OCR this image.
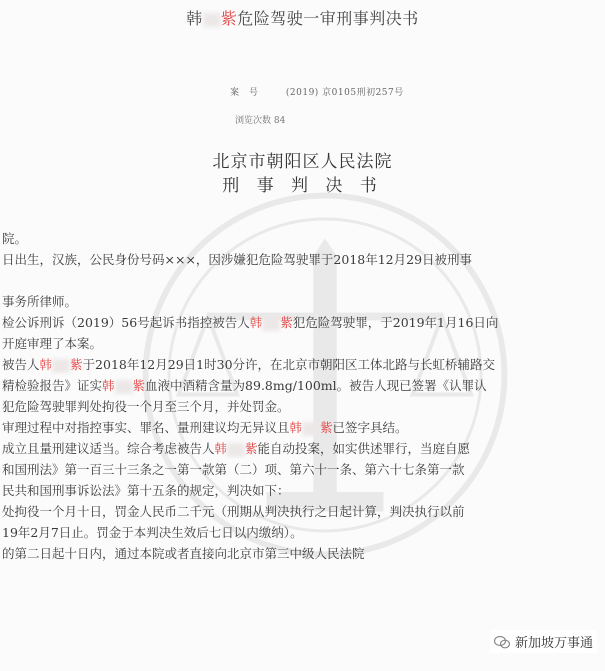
韩 紫危险驾驶一审刑事判决书
案　号	(2019) 京0105刑初257号
浏览次数 84
北京市朝阳区人民法院
刑 事 判 决 书
院。
日出生，汉族，公民身份号码×××，因涉嫌犯危险驾驶罪于2018年12月29日被刑事
事务所律师。
检公诉刑诉（2019）56号起诉书指控被告人韩 紫犯危险驾驶罪，于2019年1月16日向
开庭审理了本案。
被告人韩 紫于2018年12月29日1时30分许，在北京市朝阳区工体北路与长虹桥辅路交
精检验报告》证实韩 紫血液中酒精含量为89.8mg/100ml。被告人现已签署《认罪认
犯危险驾驶罪判处拘役一个月至三个月，并处罚金。
审理过程中对指控事实、罪名、量刑建议均无异议且韩 紫已签字具结。
成立且量刑建议适当。综合考虑被告人韩 紫能自动投案，如实供述罪行，当庭自愿
和国刑法》第一百三十三条之一第一款第（二）项、第六十一条、第六十七条第一款
民共和国刑事诉讼法》第十五条的规定，判决如下：
处拘役一个月十日，罚金人民币二千元（刑期从判决执行之日起计算，判决执行以前
19年2月7日止。罚金于本判决生效后七日以内缴纳）。
的第二日起十日内，通过本院或者直接向北京市第三中级人民法院
新加坡万事通
